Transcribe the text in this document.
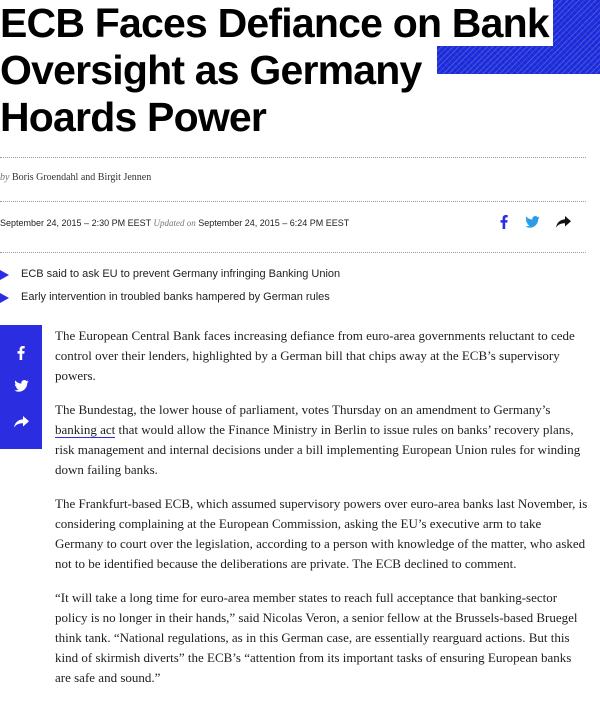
ECB Faces Defiance on Bank
Oversight as Germany
Hoards Power
by Boris Groendahl and Birgit Jennen
September 24, 2015 – 2:30 PM EEST Updated on September 24, 2015 – 6:24 PM EEST
ECB said to ask EU to prevent Germany infringing Banking Union
Early intervention in troubled banks hampered by German rules

The European Central Bank faces increasing defiance from euro-area governments reluctant to cede control over their lenders, highlighted by a German bill that chips away at the ECB’s supervisory powers.

The Bundestag, the lower house of parliament, votes Thursday on an amendment to Germany’s banking act that would allow the Finance Ministry in Berlin to issue rules on banks’ recovery plans, risk management and internal decisions under a bill implementing European Union rules for winding down failing banks.

The Frankfurt-based ECB, which assumed supervisory powers over euro-area banks last November, is considering complaining at the European Commission, asking the EU’s executive arm to take Germany to court over the legislation, according to a person with knowledge of the matter, who asked not to be identified because the deliberations are private. The ECB declined to comment.

“It will take a long time for euro-area member states to reach full acceptance that banking-sector policy is no longer in their hands,” said Nicolas Veron, a senior fellow at the Brussels-based Bruegel think tank. “National regulations, as in this German case, are essentially rearguard actions. But this kind of skirmish diverts” the ECB’s “attention from its important tasks of ensuring European banks are safe and sound.”
